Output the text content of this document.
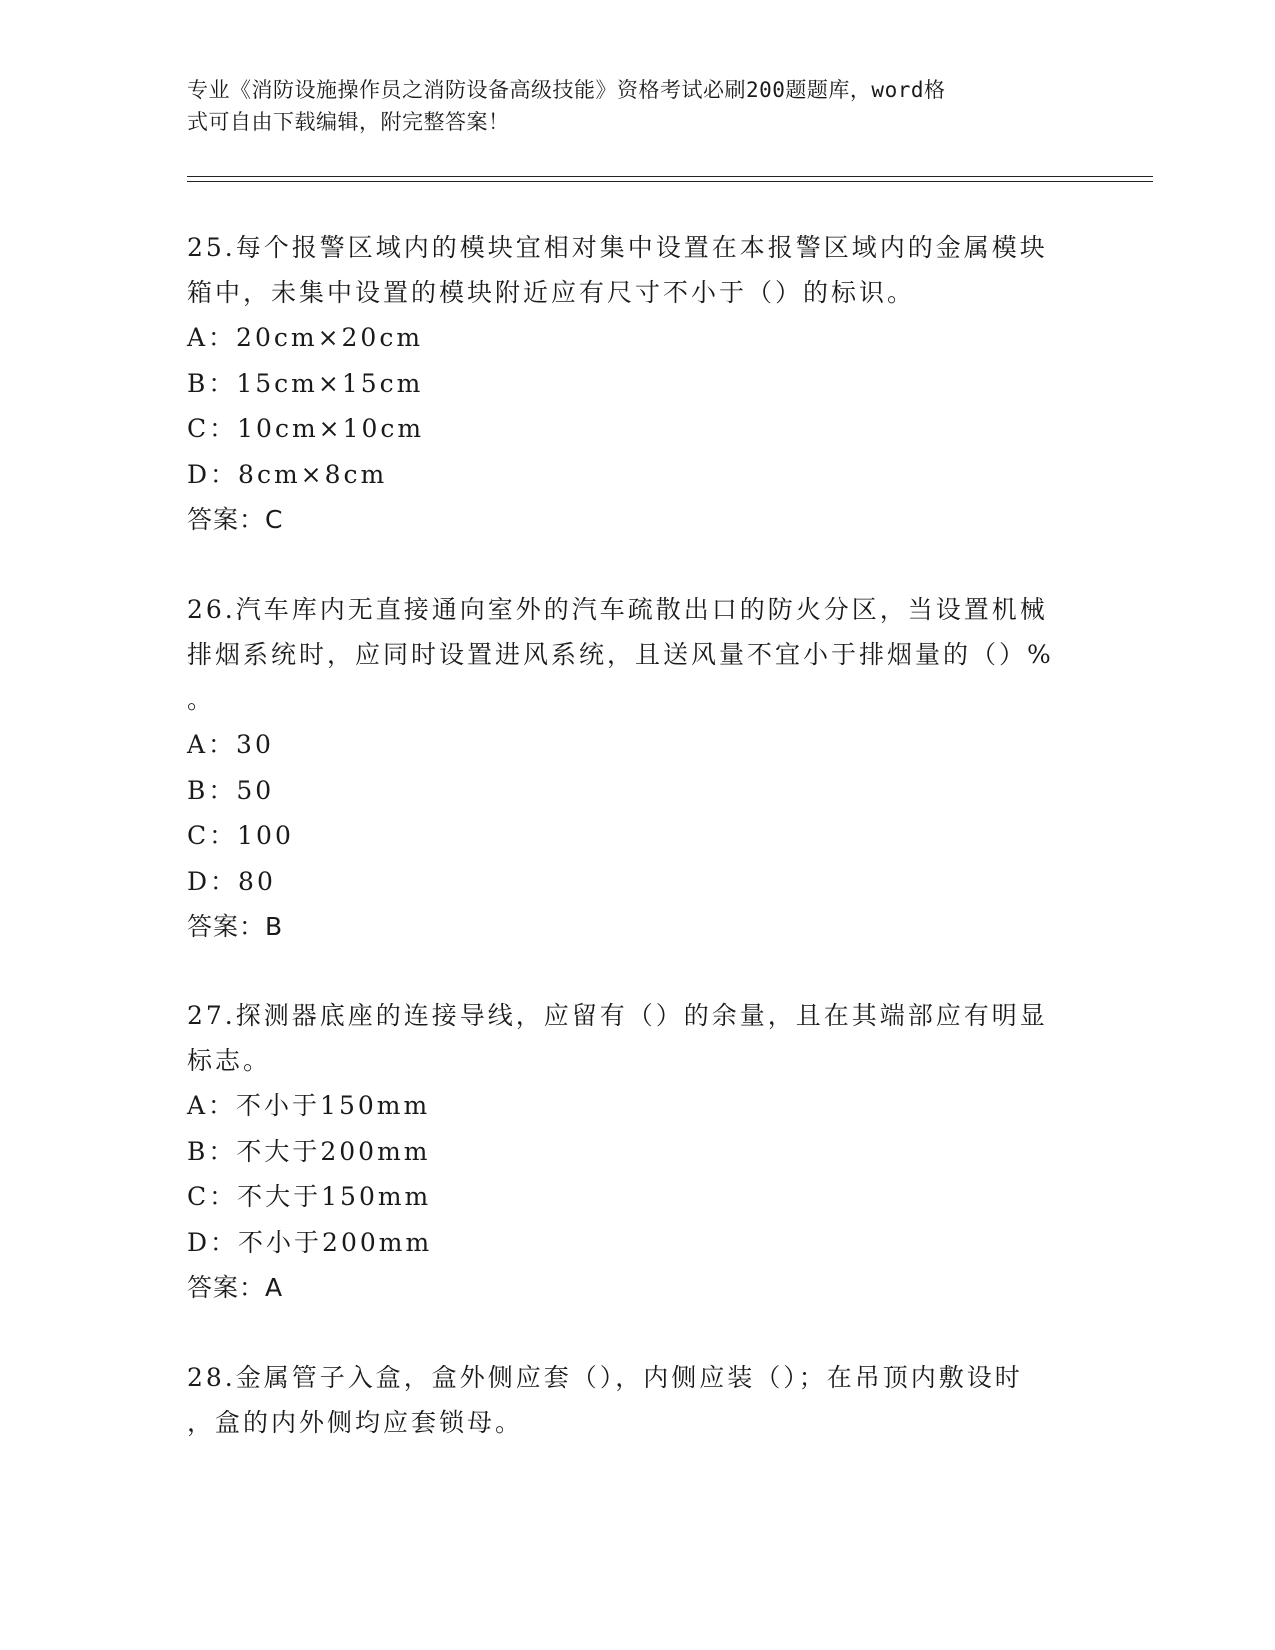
专业《消防设施操作员之消防设备高级技能》资格考试必刷200题题库，word格
式可自由下载编辑，附完整答案！

25.每个报警区域内的模块宜相对集中设置在本报警区域内的金属模块

箱中，未集中设置的模块附近应有尺寸不小于（）的标识。

A：20cm×20cm

B：15cm×15cm

C：10cm×10cm

D：8cm×8cm

答案：C

26.汽车库内无直接通向室外的汽车疏散出口的防火分区，当设置机械

排烟系统时，应同时设置进风系统，且送风量不宜小于排烟量的（）%

。

A：30

B：50

C：100

D：80

答案：B

27.探测器底座的连接导线，应留有（）的余量，且在其端部应有明显

标志。

A：不小于150mm

B：不大于200mm

C：不大于150mm

D：不小于200mm

答案：A

28.金属管子入盒，盒外侧应套（），内侧应装（）；在吊顶内敷设时

，盒的内外侧均应套锁母。
